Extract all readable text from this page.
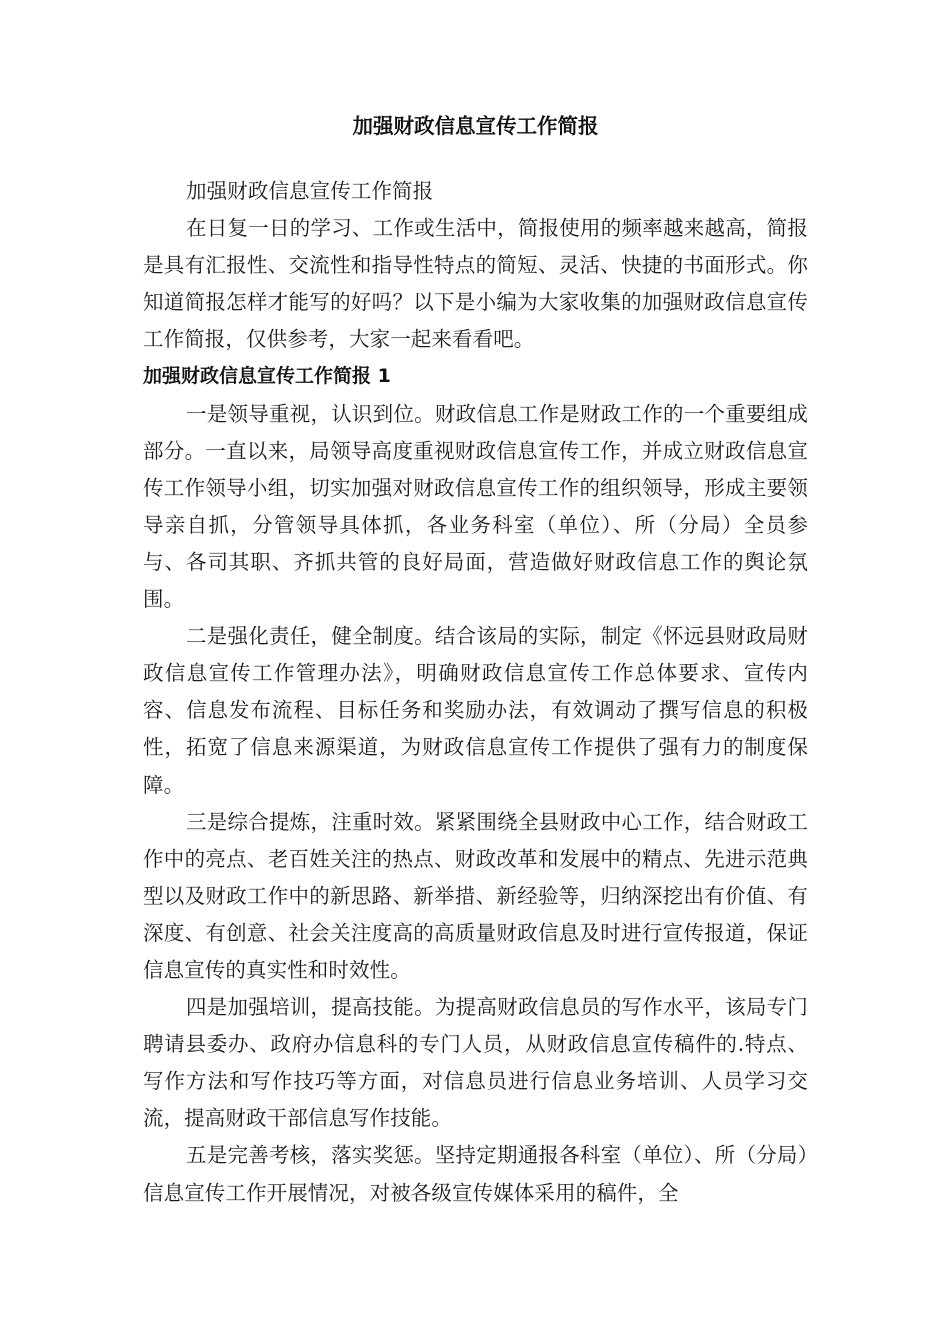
加强财政信息宣传工作简报

加强财政信息宣传工作简报

在日复一日的学习、工作或生活中，简报使用的频率越来越高，简报是具有汇报性、交流性和指导性特点的简短、灵活、快捷的书面形式。你知道简报怎样才能写的好吗？以下是小编为大家收集的加强财政信息宣传工作简报，仅供参考，大家一起来看看吧。

加强财政信息宣传工作简报 1

一是领导重视，认识到位。财政信息工作是财政工作的一个重要组成部分。一直以来，局领导高度重视财政信息宣传工作，并成立财政信息宣传工作领导小组，切实加强对财政信息宣传工作的组织领导，形成主要领导亲自抓，分管领导具体抓，各业务科室（单位）、所（分局）全员参与、各司其职、齐抓共管的良好局面，营造做好财政信息工作的舆论氛围。

二是强化责任，健全制度。结合该局的实际，制定《怀远县财政局财政信息宣传工作管理办法》，明确财政信息宣传工作总体要求、宣传内容、信息发布流程、目标任务和奖励办法，有效调动了撰写信息的积极性，拓宽了信息来源渠道，为财政信息宣传工作提供了强有力的制度保障。

三是综合提炼，注重时效。紧紧围绕全县财政中心工作，结合财政工作中的亮点、老百姓关注的热点、财政改革和发展中的精点、先进示范典型以及财政工作中的新思路、新举措、新经验等，归纳深挖出有价值、有深度、有创意、社会关注度高的高质量财政信息及时进行宣传报道，保证信息宣传的真实性和时效性。

四是加强培训，提高技能。为提高财政信息员的写作水平，该局专门聘请县委办、政府办信息科的专门人员，从财政信息宣传稿件的.特点、写作方法和写作技巧等方面，对信息员进行信息业务培训、人员学习交流，提高财政干部信息写作技能。

五是完善考核，落实奖惩。坚持定期通报各科室（单位）、所（分局）信息宣传工作开展情况，对被各级宣传媒体采用的稿件，全
